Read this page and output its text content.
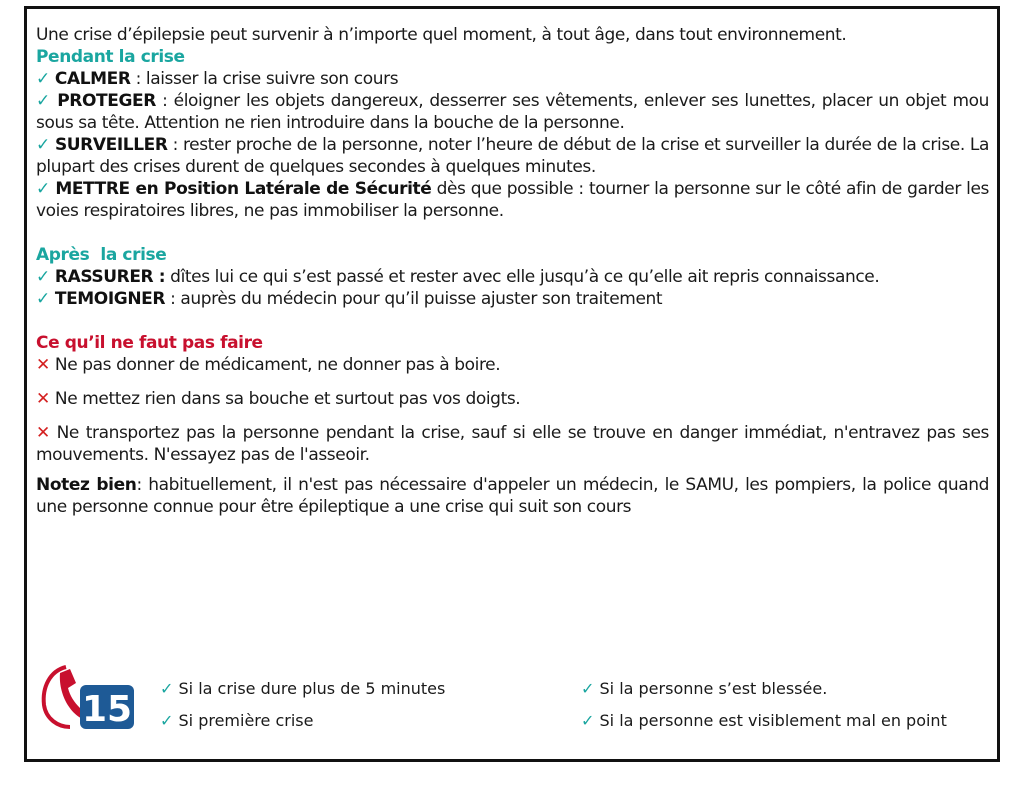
Une crise d’épilepsie peut survenir à n’importe quel moment, à tout âge, dans tout environnement.

Pendant la crise

✓ CALMER : laisser la crise suivre son cours

✓ PROTEGER : éloigner les objets dangereux, desserrer ses vêtements, enlever ses lunettes, placer un objet mou sous sa tête. Attention ne rien introduire dans la bouche de la personne.

✓ SURVEILLER : rester proche de la personne, noter l’heure de début de la crise et surveiller la durée de la crise. La plupart des crises durent de quelques secondes à quelques minutes.

✓ METTRE en Position Latérale de Sécurité dès que possible : tourner la personne sur le côté afin de garder les voies respiratoires libres, ne pas immobiliser la personne.

Après  la crise

✓ RASSURER : dîtes lui ce qui s’est passé et rester avec elle jusqu’à ce qu’elle ait repris connaissance.

✓ TEMOIGNER : auprès du médecin pour qu’il puisse ajuster son traitement

Ce qu’il ne faut pas faire

✕ Ne pas donner de médicament, ne donner pas à boire.

✕ Ne mettez rien dans sa bouche et surtout pas vos doigts.

✕ Ne transportez pas la personne pendant la crise, sauf si elle se trouve en danger immédiat, n'entravez pas ses mouvements. N'essayez pas de l'asseoir.

Notez bien: habituellement, il n'est pas nécessaire d'appeler un médecin, le SAMU, les pompiers, la police quand une personne connue pour être épileptique a une crise qui suit son cours

15
✓ Si la crise dure plus de 5 minutes	✓ Si la personne s’est blessée.
✓ Si première crise	✓ Si la personne est visiblement mal en point
